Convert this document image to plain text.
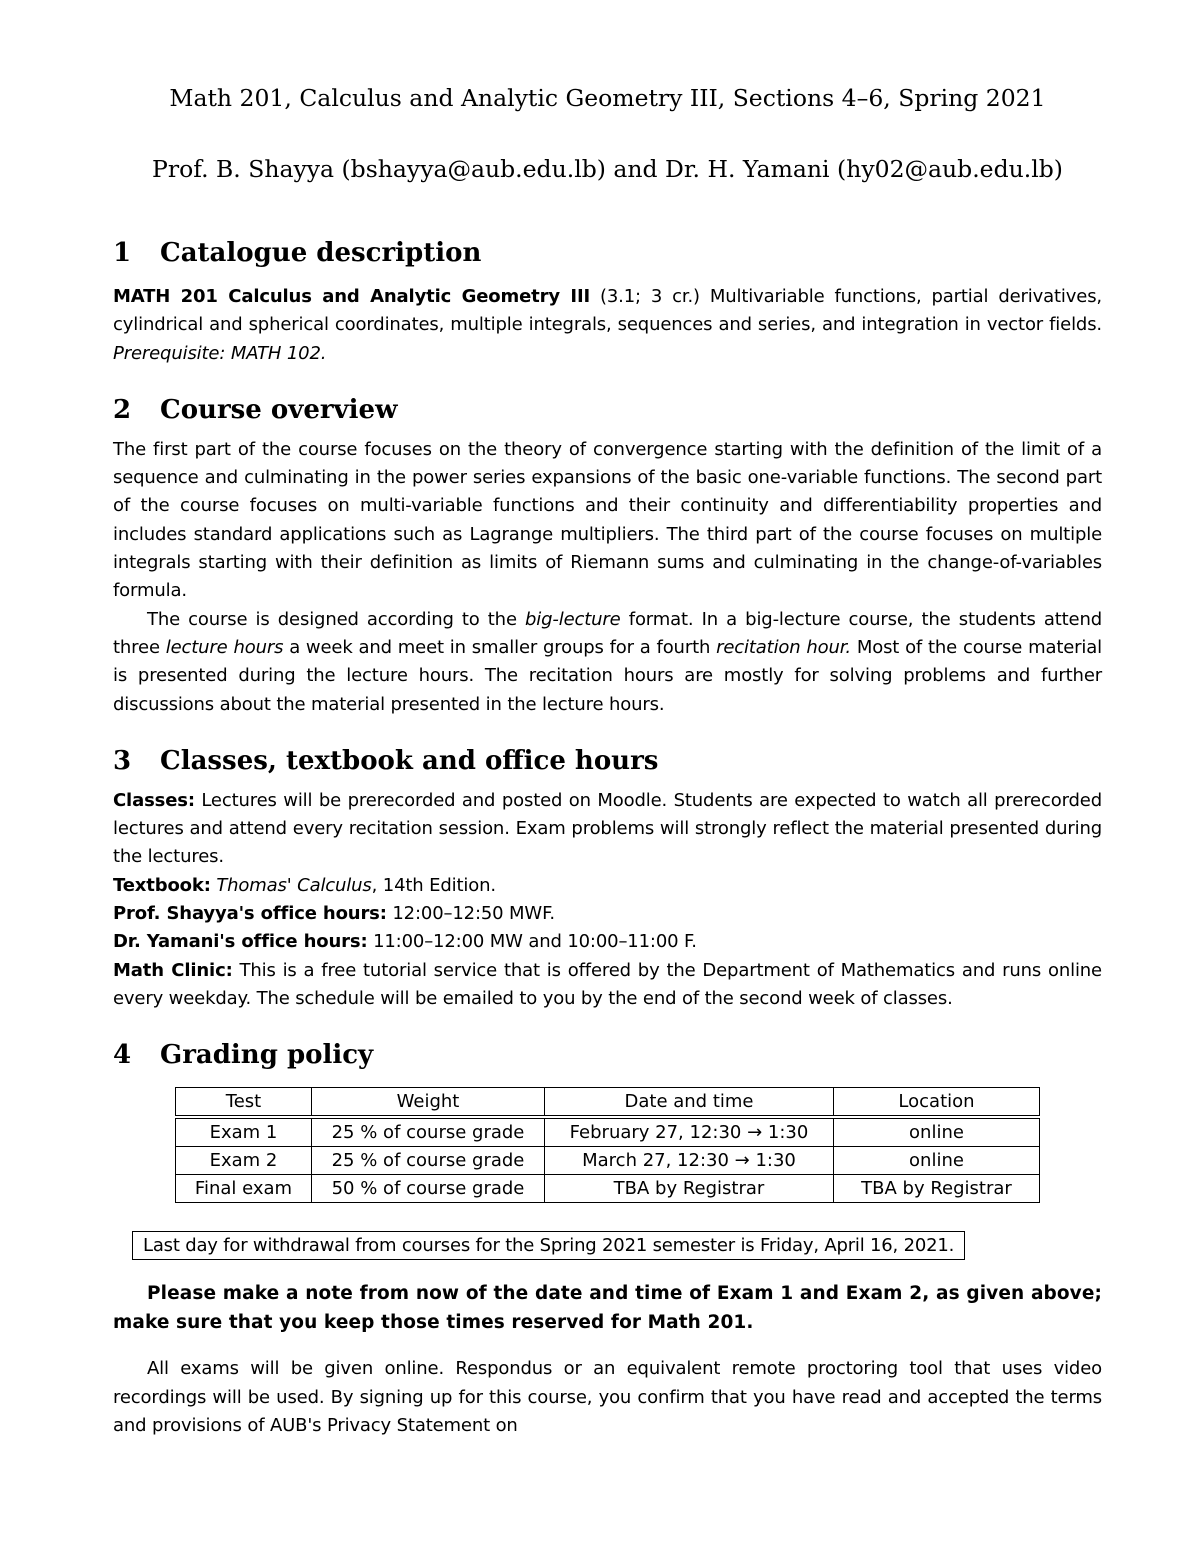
Math 201, Calculus and Analytic Geometry III, Sections 4–6, Spring 2021
Prof. B. Shayya (bshayya@aub.edu.lb) and Dr. H. Yamani (hy02@aub.edu.lb)
1 Catalogue description

MATH 201 Calculus and Analytic Geometry III (3.1; 3 cr.) Multivariable functions, partial derivatives, cylindrical and spherical coordinates, multiple integrals, sequences and series, and integration in vector fields. Prerequisite: MATH 102.

2 Course overview

The first part of the course focuses on the theory of convergence starting with the definition of the limit of a sequence and culminating in the power series expansions of the basic one-variable functions. The second part of the course focuses on multi-variable functions and their continuity and differentiability properties and includes standard applications such as Lagrange multipliers. The third part of the course focuses on multiple integrals starting with their definition as limits of Riemann sums and culminating in the change-of-variables formula.

The course is designed according to the big-lecture format. In a big-lecture course, the students attend three lecture hours a week and meet in smaller groups for a fourth recitation hour. Most of the course material is presented during the lecture hours. The recitation hours are mostly for solving problems and further discussions about the material presented in the lecture hours.

3 Classes, textbook and office hours

Classes: Lectures will be prerecorded and posted on Moodle. Students are expected to watch all prerecorded lectures and attend every recitation session. Exam problems will strongly reflect the material presented during the lectures.

Textbook: Thomas' Calculus, 14th Edition.

Prof. Shayya's office hours: 12:00–12:50 MWF.

Dr. Yamani's office hours: 11:00–12:00 MW and 10:00–11:00 F.

Math Clinic: This is a free tutorial service that is offered by the Department of Mathematics and runs online every weekday. The schedule will be emailed to you by the end of the second week of classes.

4 Grading policy
Test	Weight	Date and time	Location
Exam 1	25 % of course grade	February 27, 12:30 → 1:30	online
Exam 2	25 % of course grade	March 27, 12:30 → 1:30	online
Final exam	50 % of course grade	TBA by Registrar	TBA by Registrar
Last day for withdrawal from courses for the Spring 2021 semester is Friday, April 16, 2021.

Please make a note from now of the date and time of Exam 1 and Exam 2, as given above; make sure that you keep those times reserved for Math 201.

All exams will be given online. Respondus or an equivalent remote proctoring tool that uses video recordings will be used. By signing up for this course, you confirm that you have read and accepted the terms and provisions of AUB's Privacy Statement on
